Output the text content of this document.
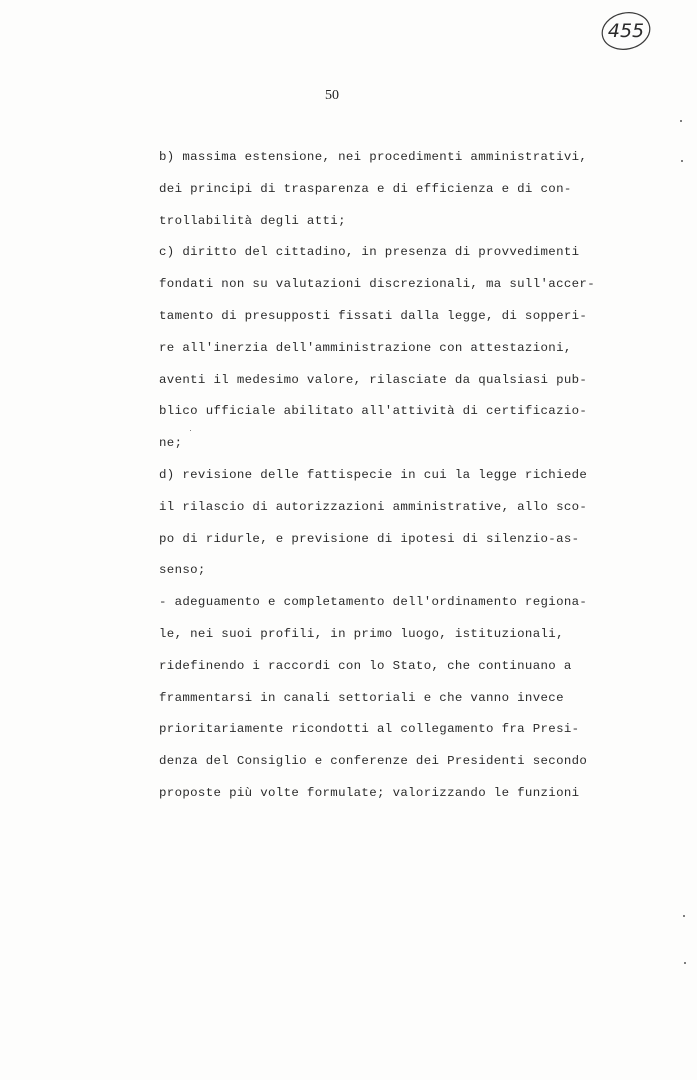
455
50
b) massima estensione, nei procedimenti amministrativi,
dei principi di trasparenza e di efficienza e di con-
trollabilità degli atti;
c) diritto del cittadino, in presenza di provvedimenti
fondati non su valutazioni discrezionali, ma sull'accer-
tamento di presupposti fissati dalla legge, di sopperi-
re all'inerzia dell'amministrazione con attestazioni,
aventi il medesimo valore, rilasciate da qualsiasi pub-
blico ufficiale abilitato all'attività di certificazio-
ne;
d) revisione delle fattispecie in cui la legge richiede
il rilascio di autorizzazioni amministrative, allo sco-
po di ridurle, e previsione di ipotesi di silenzio-as-
senso;
- adeguamento e completamento dell'ordinamento regiona-
le, nei suoi profili, in primo luogo, istituzionali,
ridefinendo i raccordi con lo Stato, che continuano a
frammentarsi in canali settoriali e che vanno invece
prioritariamente ricondotti al collegamento fra Presi-
denza del Consiglio e conferenze dei Presidenti secondo
proposte più volte formulate; valorizzando le funzioni
